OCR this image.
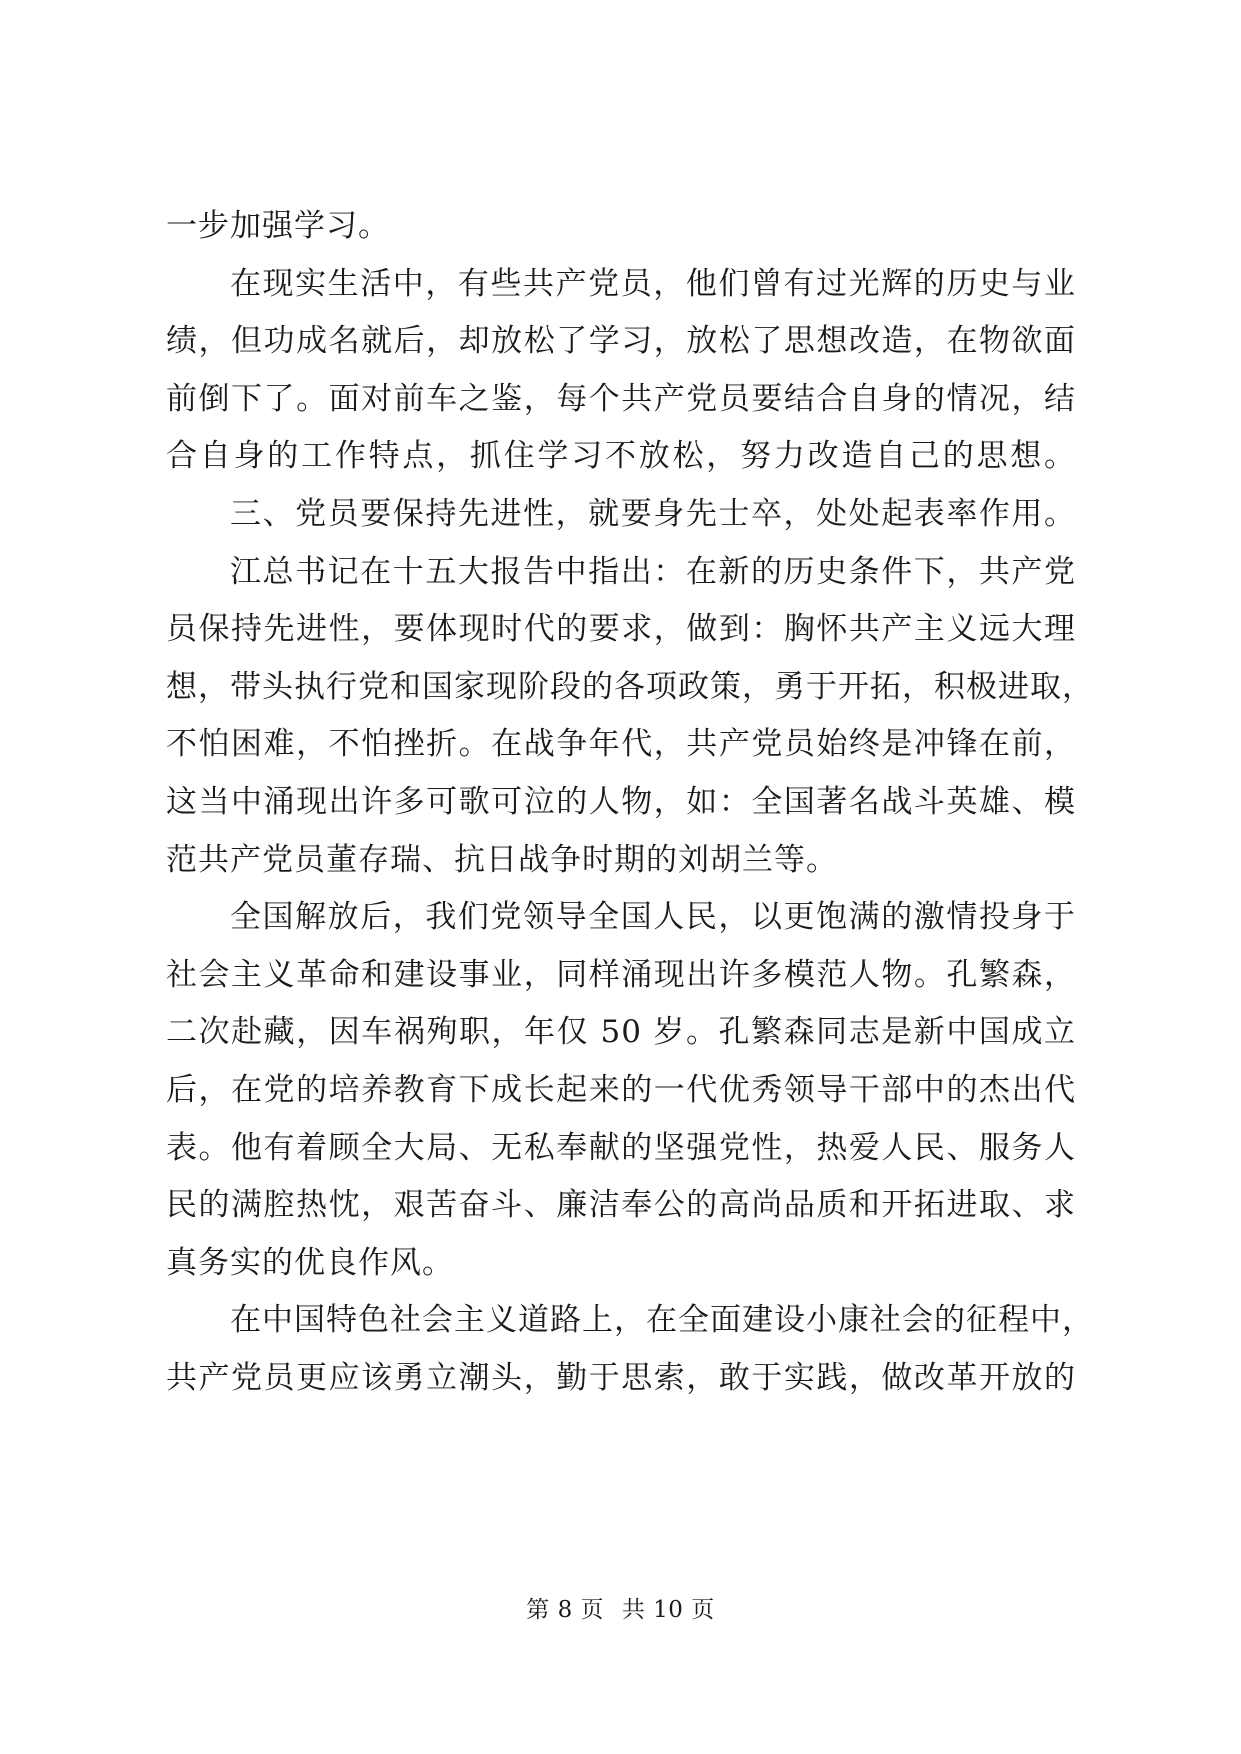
一步加强学习。
在现实生活中，有些共产党员，他们曾有过光辉的历史与业
绩，但功成名就后，却放松了学习，放松了思想改造，在物欲面
前倒下了。面对前车之鉴，每个共产党员要结合自身的情况，结
合自身的工作特点，抓住学习不放松，努力改造自己的思想。
三、党员要保持先进性，就要身先士卒，处处起表率作用。
江总书记在十五大报告中指出：在新的历史条件下，共产党
员保持先进性，要体现时代的要求，做到：胸怀共产主义远大理
想，带头执行党和国家现阶段的各项政策，勇于开拓，积极进取，
不怕困难，不怕挫折。在战争年代，共产党员始终是冲锋在前，
这当中涌现出许多可歌可泣的人物，如：全国著名战斗英雄、模
范共产党员董存瑞、抗日战争时期的刘胡兰等。
全国解放后，我们党领导全国人民，以更饱满的激情投身于
社会主义革命和建设事业，同样涌现出许多模范人物。孔繁森，
二次赴藏，因车祸殉职，年仅 50 岁。孔繁森同志是新中国成立
后，在党的培养教育下成长起来的一代优秀领导干部中的杰出代
表。他有着顾全大局、无私奉献的坚强党性，热爱人民、服务人
民的满腔热忱，艰苦奋斗、廉洁奉公的高尚品质和开拓进取、求
真务实的优良作风。
在中国特色社会主义道路上，在全面建设小康社会的征程中，
共产党员更应该勇立潮头，勤于思索，敢于实践，做改革开放的
第 8 页 共 10 页
